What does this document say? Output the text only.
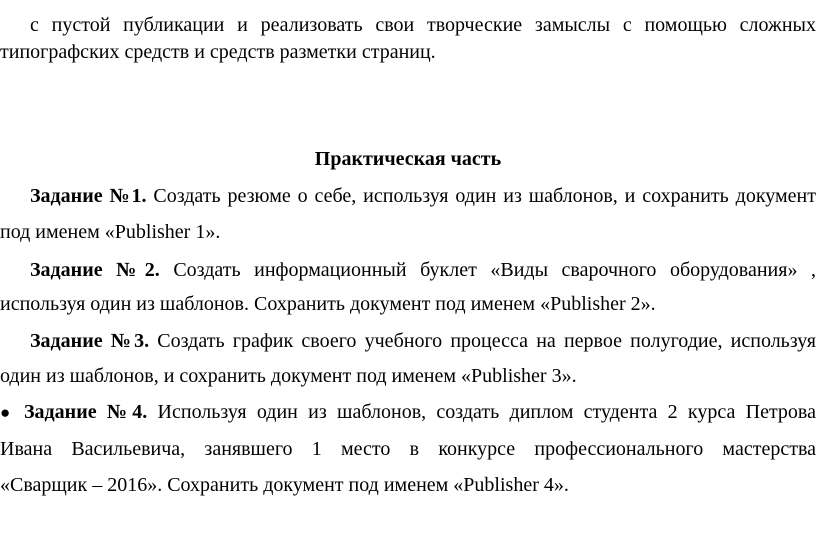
с пустой публикации и реализовать свои творческие замыслы с помощью сложных
типографских средств и средств разметки страниц.
Практическая часть
Задание №1. Создать резюме о себе, используя один из шаблонов, и сохранить документ
под именем «Publisher 1».
Задание №2. Создать информационный буклет «Виды сварочного оборудования» ,
используя один из шаблонов. Сохранить документ под именем «Publisher 2».
Задание №3. Создать график своего учебного процесса на первое полугодие, используя
один из шаблонов, и сохранить документ под именем «Publisher 3».
● Задание №4. Используя один из шаблонов, создать диплом студента 2 курса Петрова
Ивана Васильевича, занявшего 1 место в конкурсе профессионального мастерства
«Сварщик – 2016». Сохранить документ под именем «Publisher 4».
